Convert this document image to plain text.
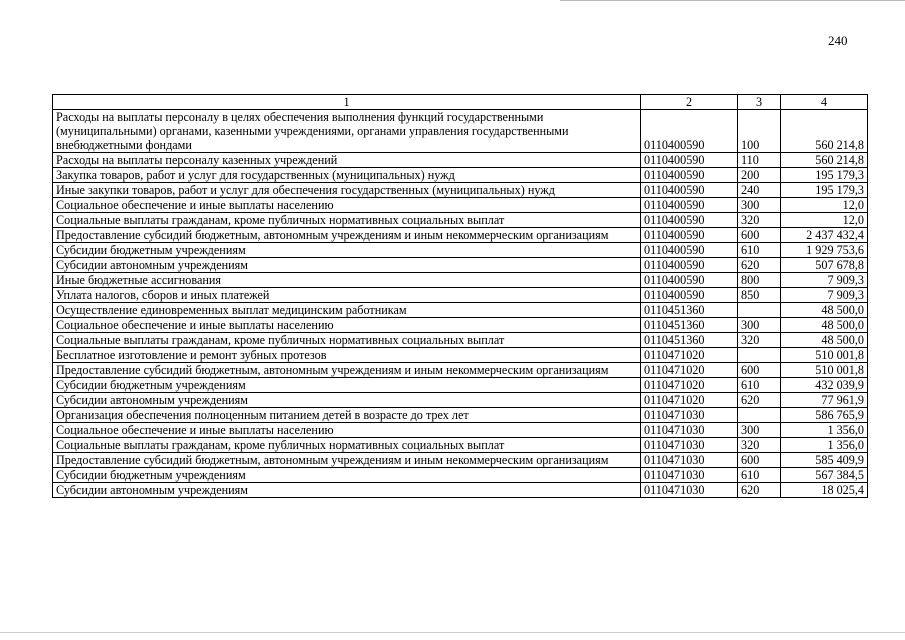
240
1	2	3	4
Расходы на выплаты персоналу в целях обеспечения выполнения функций государственными (муниципальными) органами, казенными учреждениями, органами управления государственными внебюджетными фондами	0110400590	100	560 214,8
Расходы на выплаты персоналу казенных учреждений	0110400590	110	560 214,8
Закупка товаров, работ и услуг для государственных (муниципальных) нужд	0110400590	200	195 179,3
Иные закупки товаров, работ и услуг для обеспечения государственных (муниципальных) нужд	0110400590	240	195 179,3
Социальное обеспечение и иные выплаты населению	0110400590	300	12,0
Социальные выплаты гражданам, кроме публичных нормативных социальных выплат	0110400590	320	12,0
Предоставление субсидий бюджетным, автономным учреждениям и иным некоммерческим организациям	0110400590	600	2 437 432,4
Субсидии бюджетным учреждениям	0110400590	610	1 929 753,6
Субсидии автономным учреждениям	0110400590	620	507 678,8
Иные бюджетные ассигнования	0110400590	800	7 909,3
Уплата налогов, сборов и иных платежей	0110400590	850	7 909,3
Осуществление единовременных выплат медицинским работникам	0110451360		48 500,0
Социальное обеспечение и иные выплаты населению	0110451360	300	48 500,0
Социальные выплаты гражданам, кроме публичных нормативных социальных выплат	0110451360	320	48 500,0
Бесплатное изготовление и ремонт зубных протезов	0110471020		510 001,8
Предоставление субсидий бюджетным, автономным учреждениям и иным некоммерческим организациям	0110471020	600	510 001,8
Субсидии бюджетным учреждениям	0110471020	610	432 039,9
Субсидии автономным учреждениям	0110471020	620	77 961,9
Организация обеспечения полноценным питанием детей в возрасте до трех лет	0110471030		586 765,9
Социальное обеспечение и иные выплаты населению	0110471030	300	1 356,0
Социальные выплаты гражданам, кроме публичных нормативных социальных выплат	0110471030	320	1 356,0
Предоставление субсидий бюджетным, автономным учреждениям и иным некоммерческим организациям	0110471030	600	585 409,9
Субсидии бюджетным учреждениям	0110471030	610	567 384,5
Субсидии автономным учреждениям	0110471030	620	18 025,4
